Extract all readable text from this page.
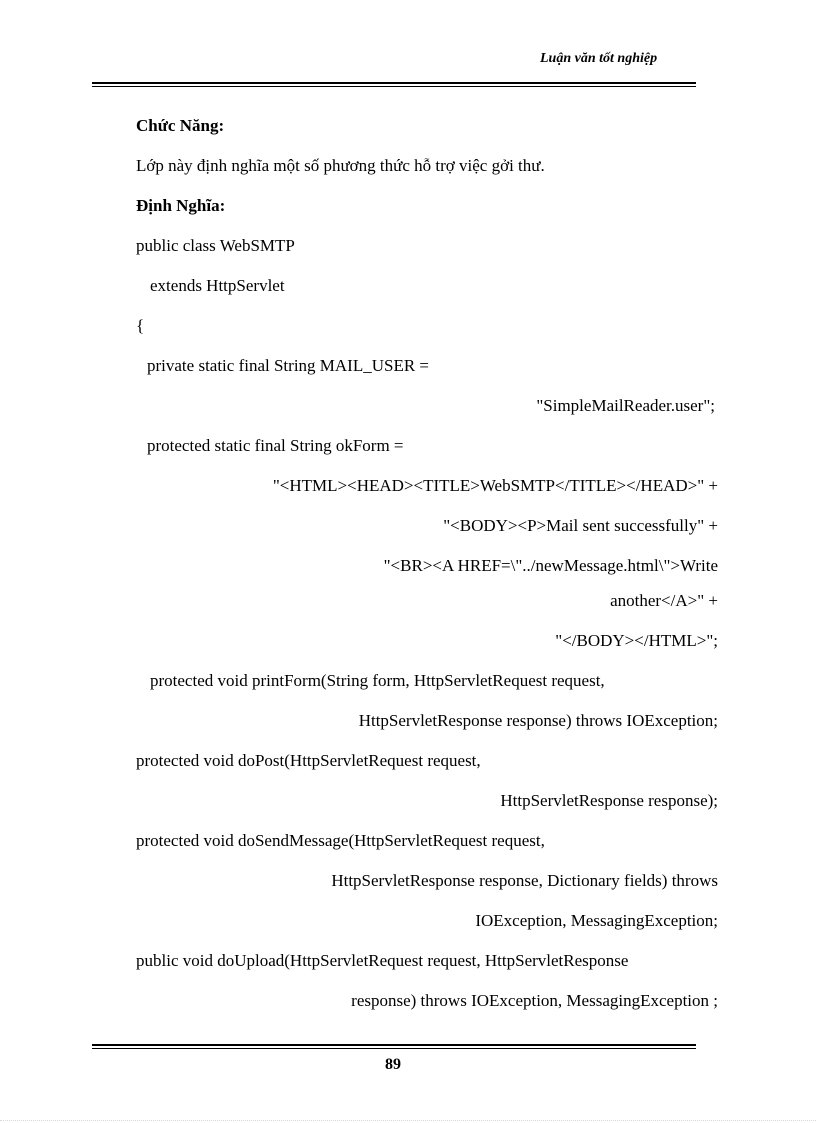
Luận văn tốt nghiệp
Chức Năng:
Lớp này định nghĩa một số phương thức hỗ trợ việc gởi thư.
Định Nghĩa:
public class WebSMTP
extends HttpServlet
{
private static final String MAIL_USER =
"SimpleMailReader.user";
protected static final String okForm =
"<HTML><HEAD><TITLE>WebSMTP</TITLE></HEAD>" +
"<BODY><P>Mail sent successfully" +
"<BR><A HREF=\"../newMessage.html\">Write
another</A>" +
"</BODY></HTML>";
protected void printForm(String form, HttpServletRequest request,
HttpServletResponse response) throws IOException;
protected void doPost(HttpServletRequest request,
HttpServletResponse response);
protected void doSendMessage(HttpServletRequest request,
HttpServletResponse response, Dictionary fields) throws
IOException, MessagingException;
public void doUpload(HttpServletRequest request, HttpServletResponse
response) throws IOException, MessagingException ;
89
